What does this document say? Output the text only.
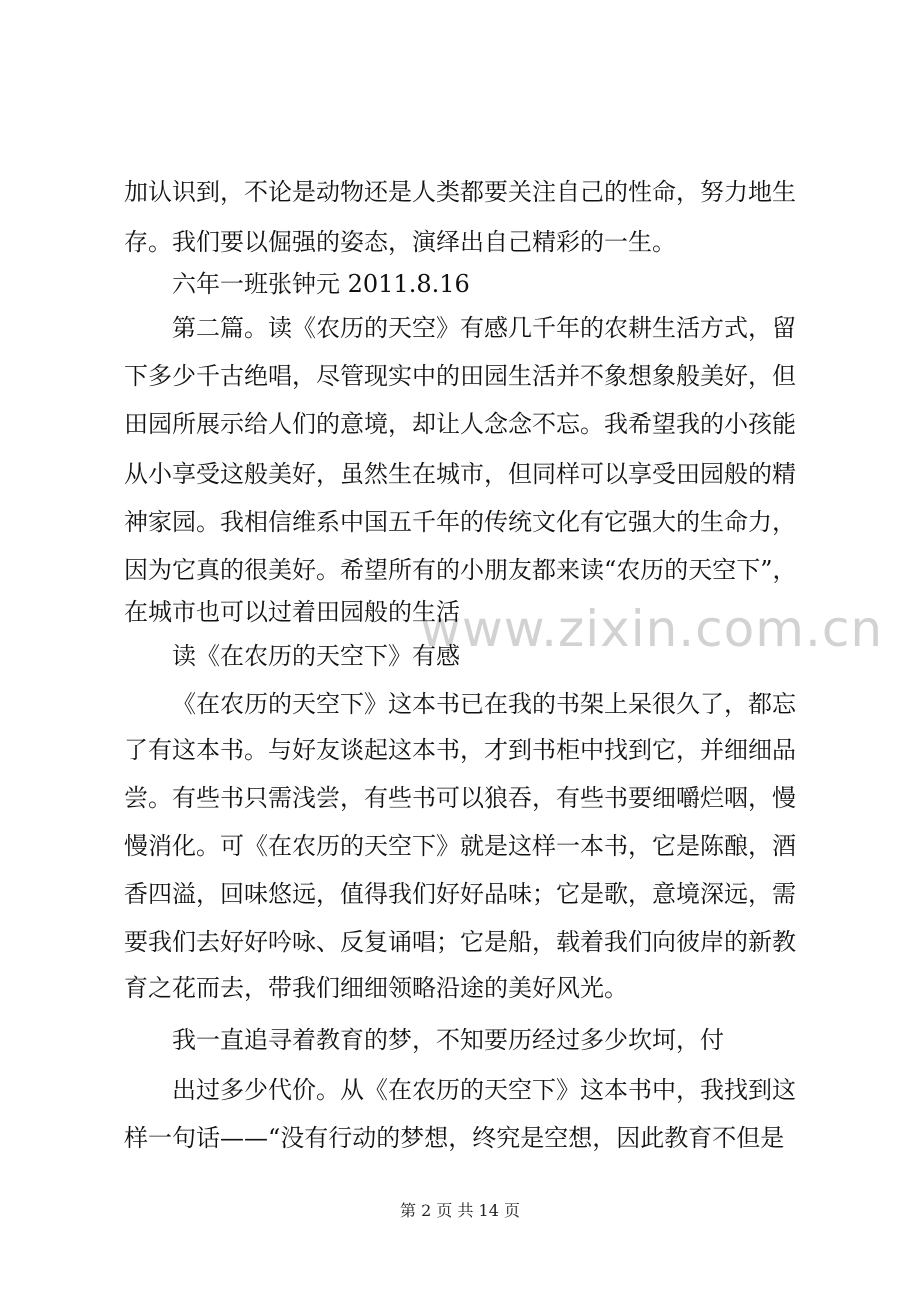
www.zixin.com.cn
加认识到，不论是动物还是人类都要关注自己的性命，努力地生
存。我们要以倔强的姿态，演绎出自己精彩的一生。
六年一班张钟元 2011.8.16
第二篇。读《农历的天空》有感几千年的农耕生活方式，留
下多少千古绝唱，尽管现实中的田园生活并不象想象般美好，但
田园所展示给人们的意境，却让人念念不忘。我希望我的小孩能
从小享受这般美好，虽然生在城市，但同样可以享受田园般的精
神家园。我相信维系中国五千年的传统文化有它强大的生命力，
因为它真的很美好。希望所有的小朋友都来读“农历的天空下”，
在城市也可以过着田园般的生活
读《在农历的天空下》有感
《在农历的天空下》这本书已在我的书架上呆很久了，都忘
了有这本书。与好友谈起这本书，才到书柜中找到它，并细细品
尝。有些书只需浅尝，有些书可以狼吞，有些书要细嚼烂咽，慢
慢消化。可《在农历的天空下》就是这样一本书，它是陈酿，酒
香四溢，回味悠远，值得我们好好品味；它是歌，意境深远，需
要我们去好好吟咏、反复诵唱；它是船，载着我们向彼岸的新教
育之花而去，带我们细细领略沿途的美好风光。
我一直追寻着教育的梦，不知要历经过多少坎坷，付
出过多少代价。从《在农历的天空下》这本书中，我找到这
样一句话——“没有行动的梦想，终究是空想，因此教育不但是
第 2 页 共 14 页
